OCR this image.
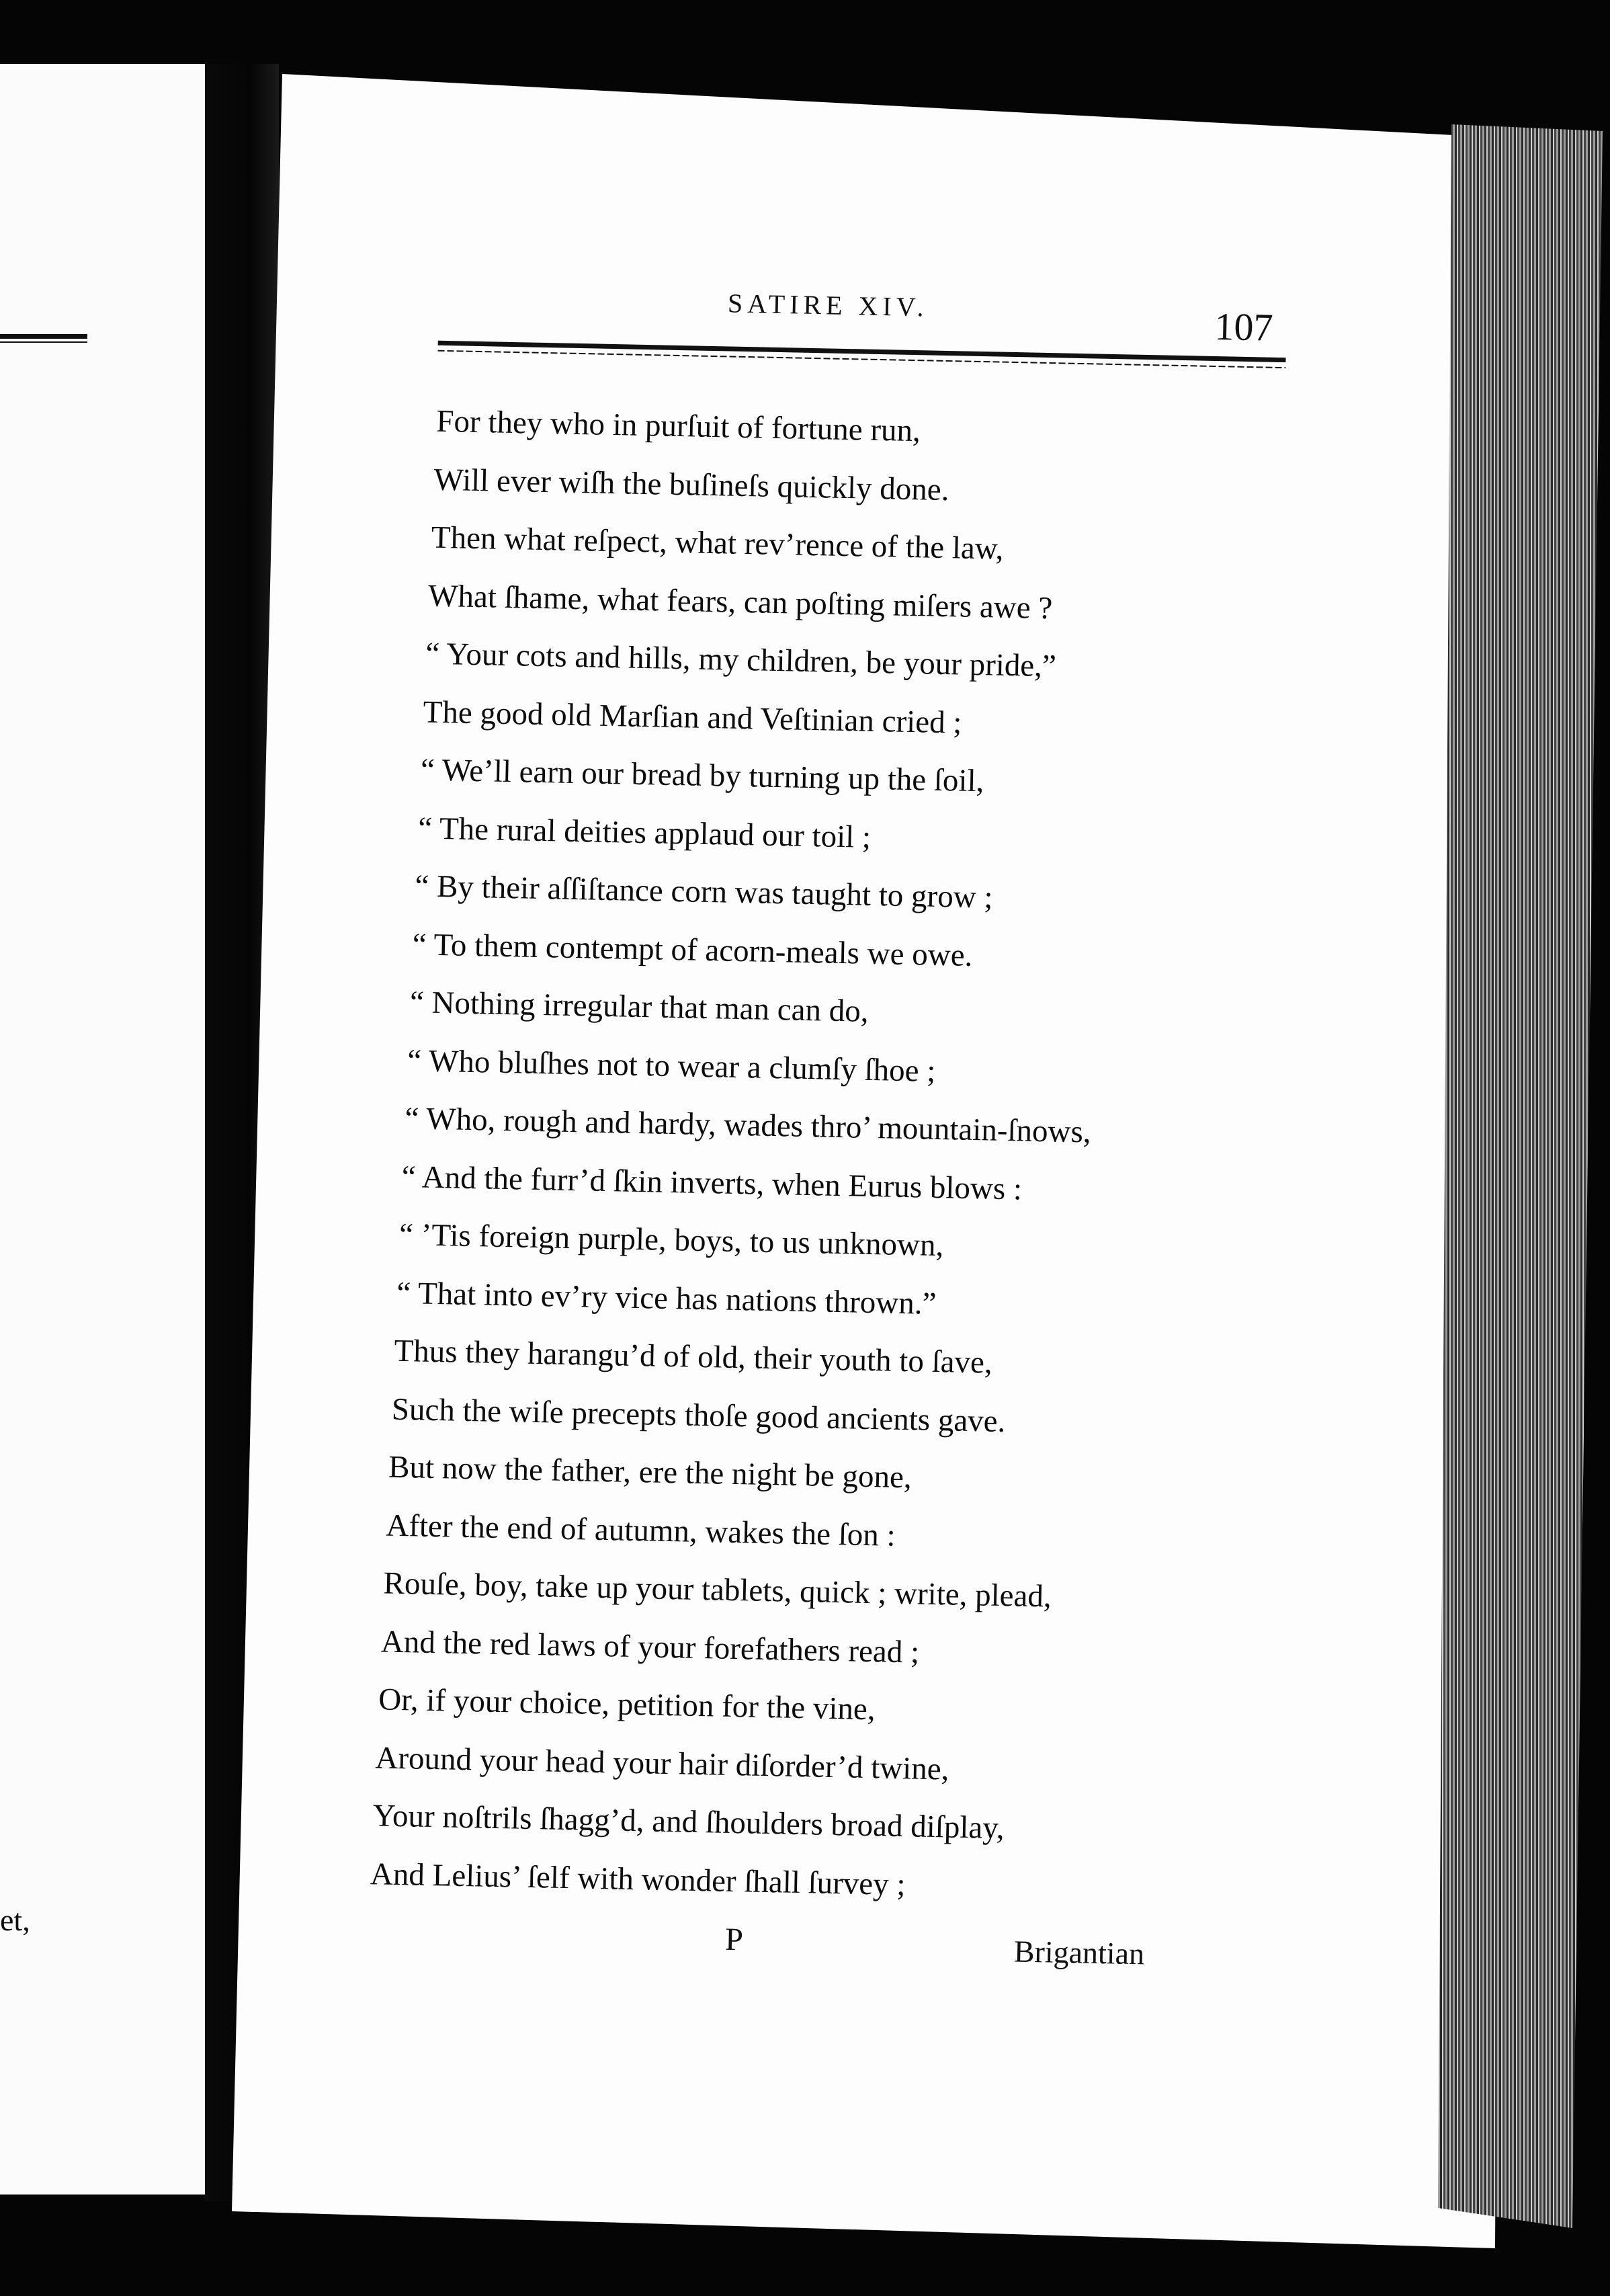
et,
SATIRE XIV.	107
For they who in purſuit of fortune run,
Will ever wiſh the buſineſs quickly done.
Then what reſpect, what rev’rence of the law,
What ſhame, what fears, can poſting miſers awe ?
“ Your cots and hills, my children, be your pride,”
The good old Marſian and Veſtinian cried ;
“ We’ll earn our bread by turning up the ſoil,
“ The rural deities applaud our toil ;
“ By their aſſiſtance corn was taught to grow ;
“ To them contempt of acorn-meals we owe.
“ Nothing irregular that man can do,
“ Who bluſhes not to wear a clumſy ſhoe ;
“ Who, rough and hardy, wades thro’ mountain-ſnows,
“ And the furr’d ſkin inverts, when Eurus blows :
“ ’Tis foreign purple, boys, to us unknown,
“ That into ev’ry vice has nations thrown.”
Thus they harangu’d of old, their youth to ſave,
Such the wiſe precepts thoſe good ancients gave.
But now the father, ere the night be gone,
After the end of autumn, wakes the ſon :
Rouſe, boy, take up your tablets, quick ; write, plead,
And the red laws of your forefathers read ;
Or, if your choice, petition for the vine,
Around your head your hair diſorder’d twine,
Your noſtrils ſhagg’d, and ſhoulders broad diſplay,
And Lelius’ ſelf with wonder ſhall ſurvey ;
P	Brigantian
